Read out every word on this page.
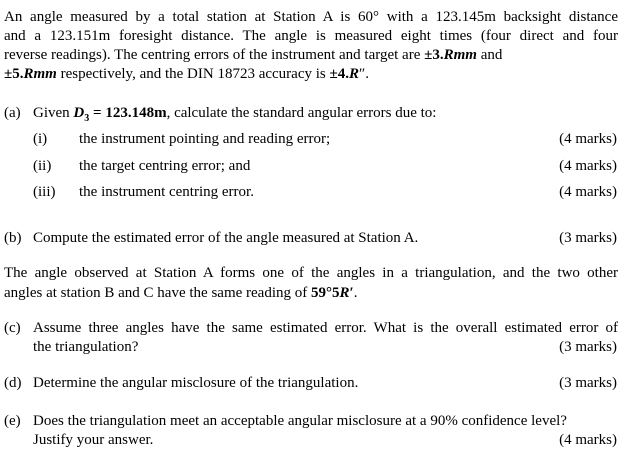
An angle measured by a total station at Station A is 60° with a 123.145m backsight distance
and a 123.151m foresight distance. The angle is measured eight times (four direct and four
reverse readings). The centring errors of the instrument and target are ±3.Rmm and
±5.Rmm respectively, and the DIN 18723 accuracy is ±4.R″.
(a) Given $D_3 = 123.148m$, calculate the standard angular errors due to:
(i) the instrument pointing and reading error;	(4 marks)
(ii) the target centring error; and	(4 marks)
(iii) the instrument centring error.	(4 marks)
(b) Compute the estimated error of the angle measured at Station A.	(3 marks)
The angle observed at Station A forms one of the angles in a triangulation, and the two other
angles at station B and C have the same reading of 59°5R′.
(c) Assume three angles have the same estimated error. What is the overall estimated error of
the triangulation?	(3 marks)
(d) Determine the angular misclosure of the triangulation.	(3 marks)
(e) Does the triangulation meet an acceptable angular misclosure at a 90% confidence level?
Justify your answer.	(4 marks)
